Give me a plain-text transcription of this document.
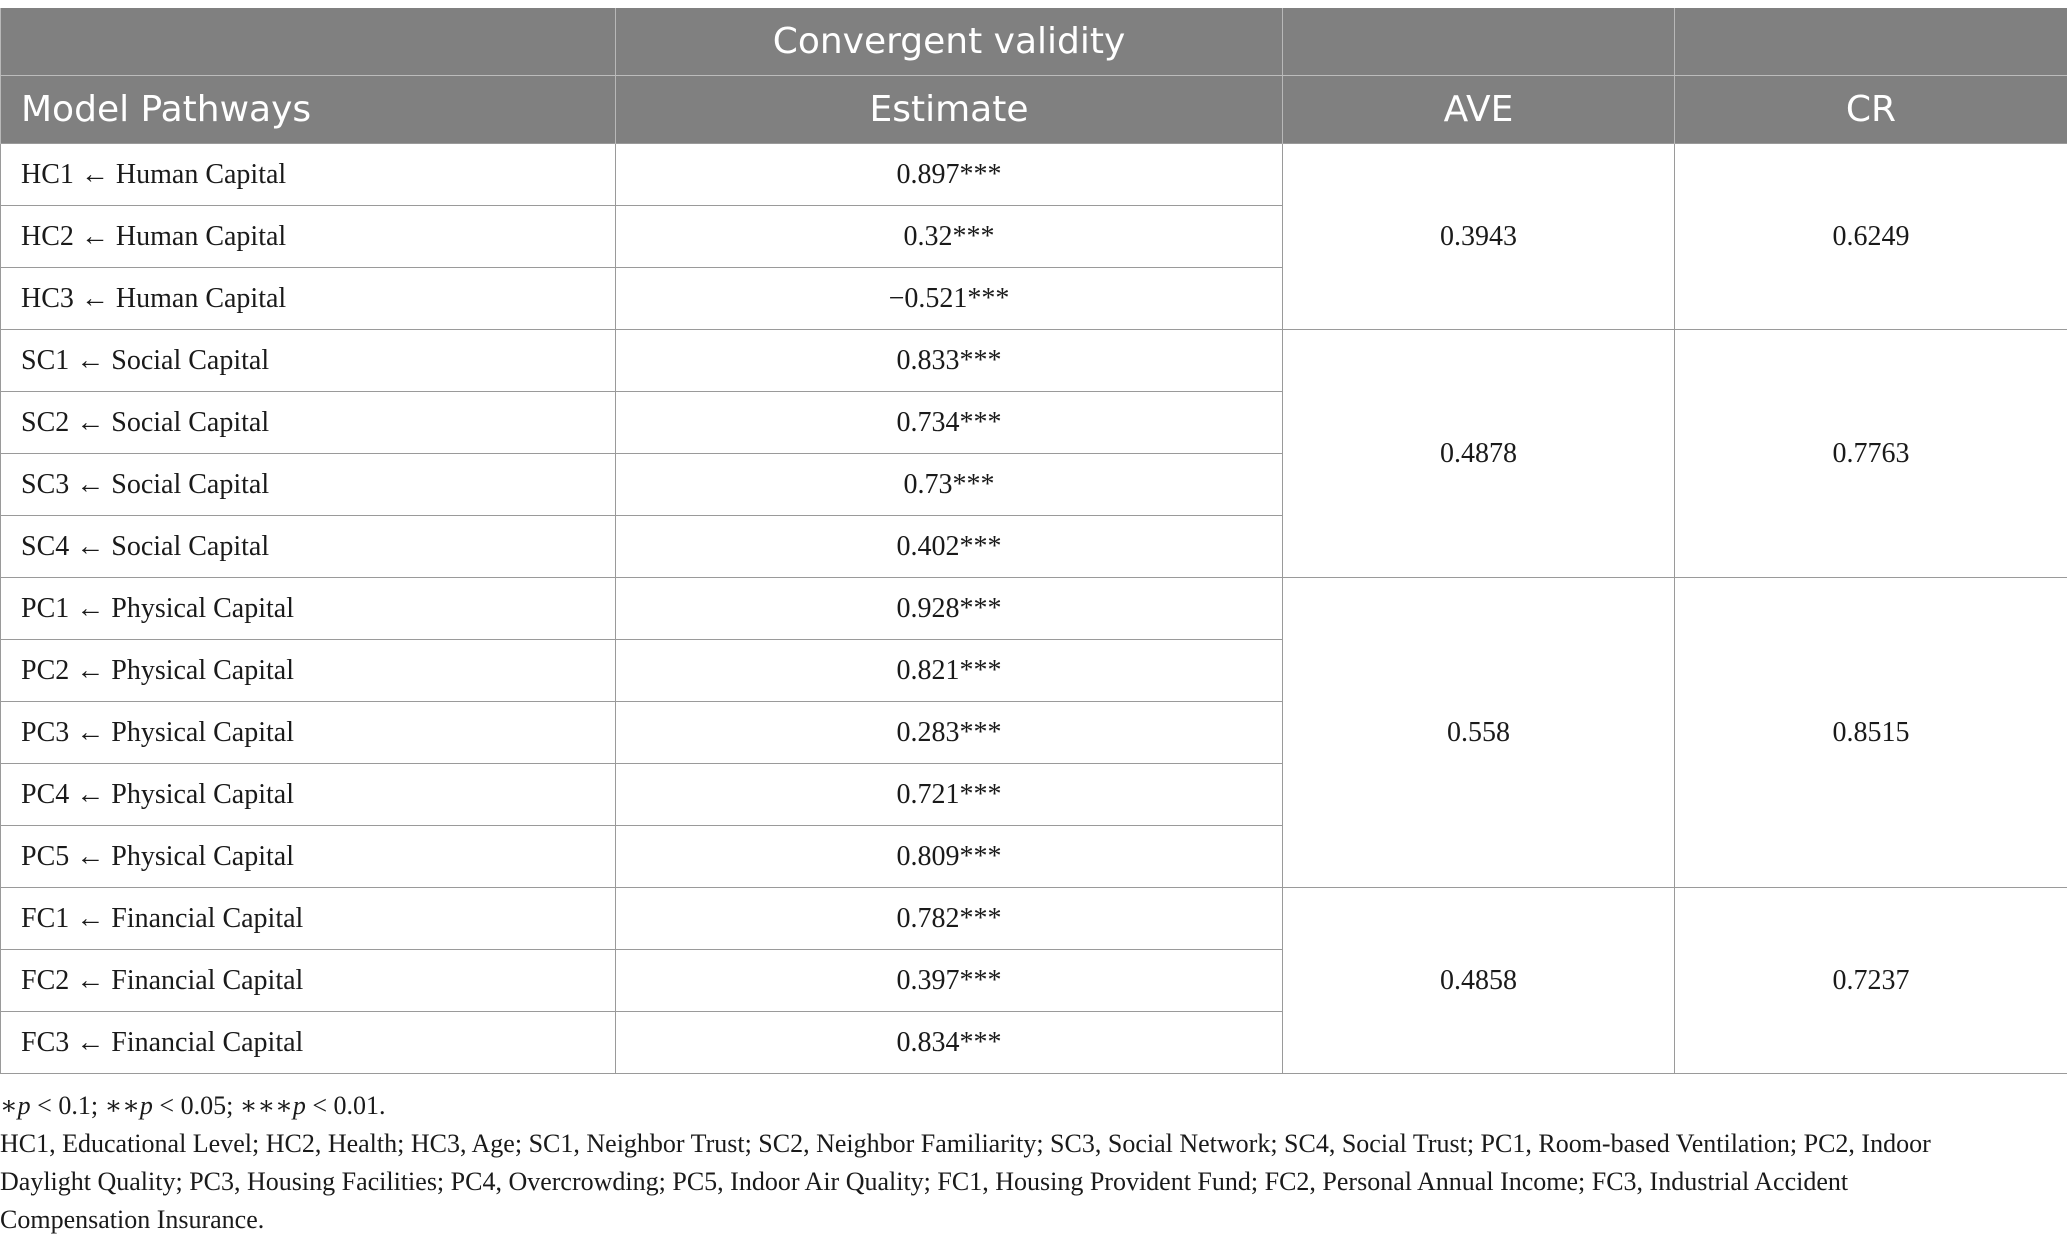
	Convergent validity		
Model Pathways	Estimate	AVE	CR
HC1 ← Human Capital	0.897***	0.3943	0.6249
HC2 ← Human Capital	0.32***		
HC3 ← Human Capital	−0.521***		
SC1 ← Social Capital	0.833***	0.4878	0.7763
SC2 ← Social Capital	0.734***		
SC3 ← Social Capital	0.73***		
SC4 ← Social Capital	0.402***		
PC1 ← Physical Capital	0.928***	0.558	0.8515
PC2 ← Physical Capital	0.821***		
PC3 ← Physical Capital	0.283***		
PC4 ← Physical Capital	0.721***		
PC5 ← Physical Capital	0.809***		
FC1 ← Financial Capital	0.782***	0.4858	0.7237
FC2 ← Financial Capital	0.397***		
FC3 ← Financial Capital	0.834***		

∗p < 0.1; ∗∗p < 0.05; ∗∗∗p < 0.01.

HC1, Educational Level; HC2, Health; HC3, Age; SC1, Neighbor Trust; SC2, Neighbor Familiarity; SC3, Social Network; SC4, Social Trust; PC1, Room-based Ventilation; PC2, Indoor Daylight Quality; PC3, Housing Facilities; PC4, Overcrowding; PC5, Indoor Air Quality; FC1, Housing Provident Fund; FC2, Personal Annual Income; FC3, Industrial Accident Compensation Insurance.
